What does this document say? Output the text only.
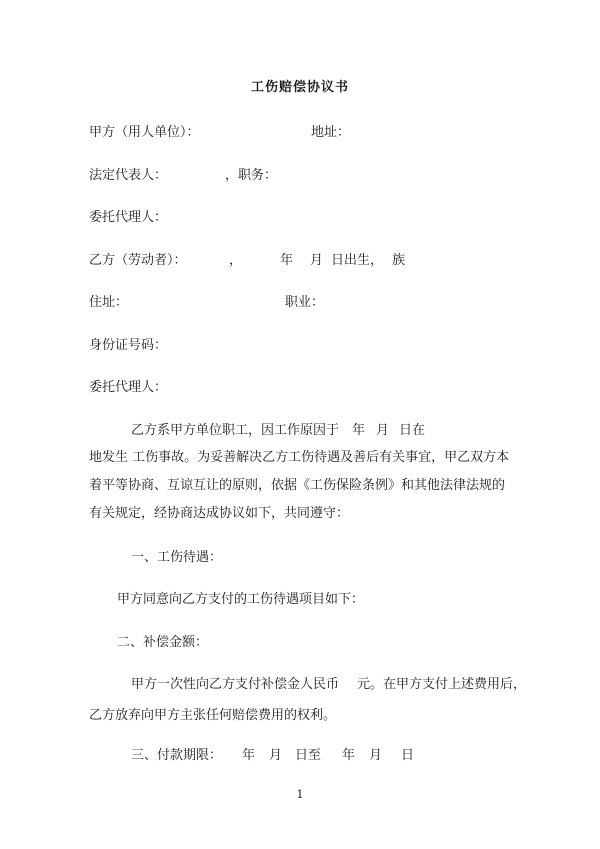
工伤赔偿协议书
甲方（用人单位）：	地址：
法定代表人：	，职务：
委托代理人：
乙方（劳动者）：	，	年 月 日出生， 族
住址：	职业：
身份证号码：
委托代理人：
乙方系甲方单位职工，因工作原因于 年 月 日在
地发生 工伤事故。为妥善解决乙方工伤待遇及善后有关事宜，甲乙双方本着平等协商、互谅互让的原则，依据《工伤保险条例》和其他法律法规的有关规定，经协商达成协议如下，共同遵守：
一、工伤待遇：
甲方同意向乙方支付的工伤待遇项目如下：
二、补偿金额：
甲方一次性向乙方支付补偿金人民币 元。在甲方支付上述费用后，
乙方放弃向甲方主张任何赔偿费用的权利。
三、付款期限： 年 月 日至 年 月 日
1
